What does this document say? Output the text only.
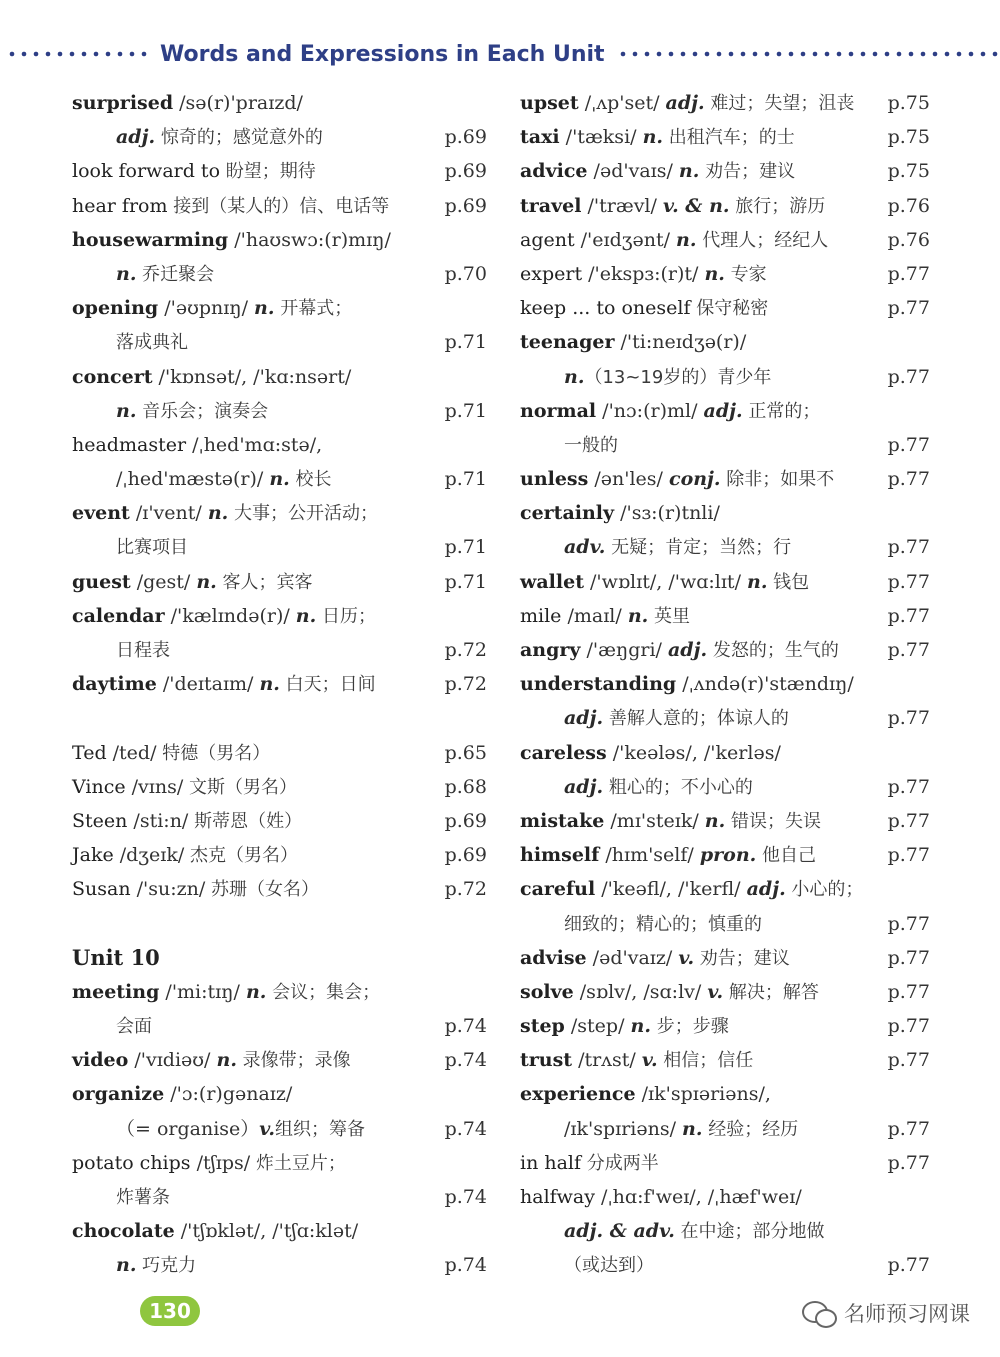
Words and Expressions in Each Unit
surprised /sə(r)'praɪzd/
adj. 惊奇的；感觉意外的	p.69
look forward to 盼望；期待	p.69
hear from 接到（某人的）信、电话等	p.69
housewarming /'haʊswɔ:(r)mɪŋ/
n. 乔迁聚会	p.70
opening /'əʊpnɪŋ/ n. 开幕式；
落成典礼	p.71
concert /'kɒnsət/, /'kɑ:nsərt/
n. 音乐会；演奏会	p.71
headmaster /ˌhed'mɑ:stə/,
/ˌhed'mæstə(r)/ n. 校长	p.71
event /ɪ'vent/ n. 大事；公开活动；
比赛项目	p.71
guest /gest/ n. 客人；宾客	p.71
calendar /'kælɪndə(r)/ n. 日历；
日程表	p.72
daytime /'deɪtaɪm/ n. 白天；日间	p.72
Ted /ted/ 特德（男名）	p.65
Vince /vɪns/ 文斯（男名）	p.68
Steen /sti:n/ 斯蒂恩（姓）	p.69
Jake /dʒeɪk/ 杰克（男名）	p.69
Susan /'su:zn/ 苏珊（女名）	p.72
Unit 10
meeting /'mi:tɪŋ/ n. 会议；集会；
会面	p.74
video /'vɪdiəʊ/ n. 录像带；录像	p.74
organize /'ɔ:(r)gənaɪz/
（= organise）v.组织；筹备	p.74
potato chips /tʃɪps/ 炸土豆片；
炸薯条	p.74
chocolate /'tʃɒklət/, /'tʃɑ:klət/
n. 巧克力	p.74
upset /ˌʌp'set/ adj. 难过；失望；沮丧 p.75
taxi /'tæksi/ n. 出租汽车；的士	p.75
advice /əd'vaɪs/ n. 劝告；建议	p.75
travel /'trævl/ v. & n. 旅行；游历	p.76
agent /'eɪdʒənt/ n. 代理人；经纪人	p.76
expert /'ekspɜ:(r)t/ n. 专家	p.77
keep ... to oneself 保守秘密	p.77
teenager /'ti:neɪdʒə(r)/
n.（13~19岁的）青少年	p.77
normal /'nɔ:(r)ml/ adj. 正常的；
一般的	p.77
unless /ən'les/ conj. 除非；如果不	p.77
certainly /'sɜ:(r)tnli/
adv. 无疑；肯定；当然；行	p.77
wallet /'wɒlɪt/, /'wɑ:lɪt/ n. 钱包	p.77
mile /maɪl/ n. 英里	p.77
angry /'æŋgri/ adj. 发怒的；生气的	p.77
understanding /ˌʌndə(r)'stændɪŋ/
adj. 善解人意的；体谅人的	p.77
careless /'keələs/, /'kerləs/
adj. 粗心的；不小心的	p.77
mistake /mɪ'steɪk/ n. 错误；失误	p.77
himself /hɪm'self/ pron. 他自己	p.77
careful /'keəfl/, /'kerfl/ adj. 小心的；
细致的；精心的；慎重的	p.77
advise /əd'vaɪz/ v. 劝告；建议	p.77
solve /sɒlv/, /sɑ:lv/ v. 解决；解答	p.77
step /step/ n. 步；步骤	p.77
trust /trʌst/ v. 相信；信任	p.77
experience /ɪk'spɪəriəns/,
/ɪk'spɪriəns/ n. 经验；经历	p.77
in half 分成两半	p.77
halfway /ˌhɑ:f'weɪ/, /ˌhæf'weɪ/
adj. & adv. 在中途；部分地做
（或达到）	p.77
130	名师预习网课
